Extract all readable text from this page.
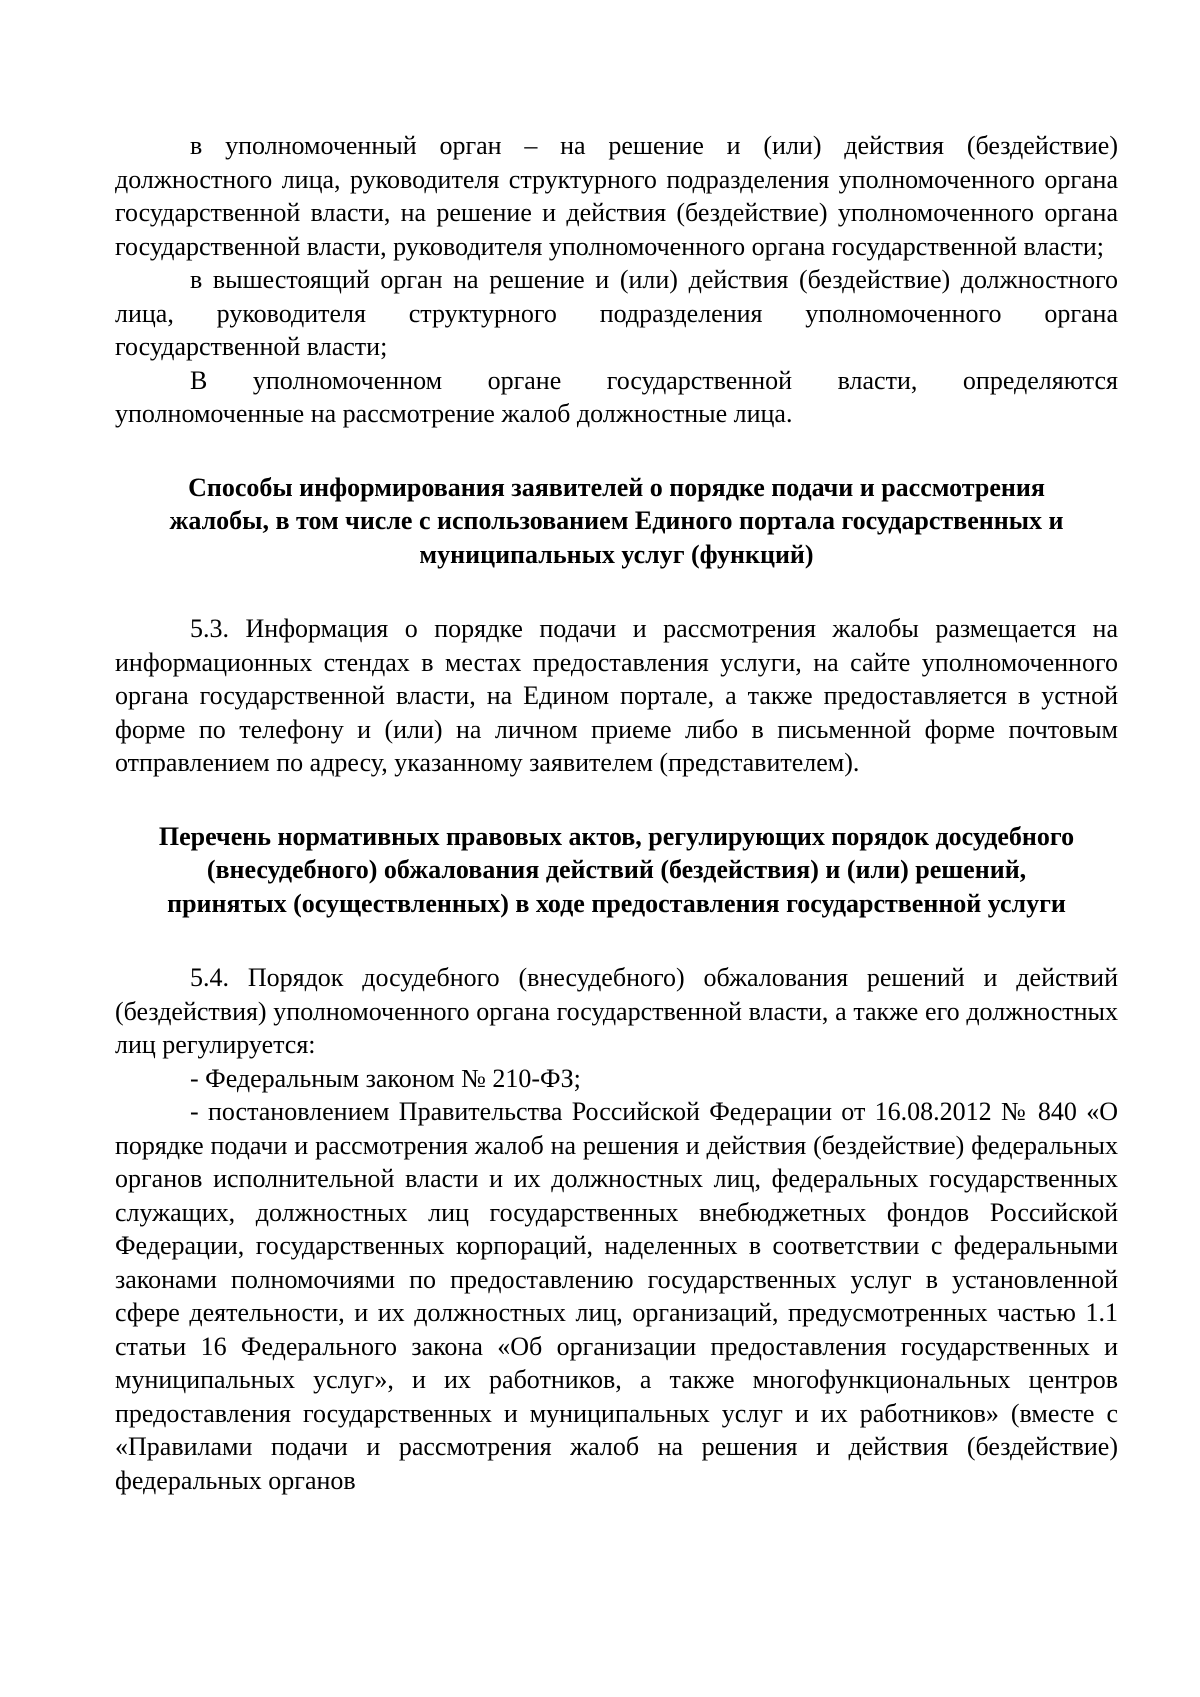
в уполномоченный орган – на решение и (или) действия (бездействие) должностного лица, руководителя структурного подразделения уполномоченного органа государственной власти, на решение и действия (бездействие) уполномоченного органа государственной власти, руководителя уполномоченного органа государственной власти;

в вышестоящий орган на решение и (или) действия (бездействие) должностного лица, руководителя структурного подразделения уполномоченного органа государственной власти;

В уполномоченном органе государственной власти, определяются уполномоченные на рассмотрение жалоб должностные лица.

Способы информирования заявителей о порядке подачи и рассмотрения жалобы, в том числе с использованием Единого портала государственных и муниципальных услуг (функций)

5.3. Информация о порядке подачи и рассмотрения жалобы размещается на информационных стендах в местах предоставления услуги, на сайте уполномоченного органа государственной власти, на Едином портале, а также предоставляется в устной форме по телефону и (или) на личном приеме либо в письменной форме почтовым отправлением по адресу, указанному заявителем (представителем).

Перечень нормативных правовых актов, регулирующих порядок досудебного (внесудебного) обжалования действий (бездействия) и (или) решений, принятых (осуществленных) в ходе предоставления государственной услуги

5.4. Порядок досудебного (внесудебного) обжалования решений и действий (бездействия) уполномоченного органа государственной власти, а также его должностных лиц регулируется:

- Федеральным законом № 210-ФЗ;

- постановлением Правительства Российской Федерации от 16.08.2012 № 840 «О порядке подачи и рассмотрения жалоб на решения и действия (бездействие) федеральных органов исполнительной власти и их должностных лиц, федеральных государственных служащих, должностных лиц государственных внебюджетных фондов Российской Федерации, государственных корпораций, наделенных в соответствии с федеральными законами полномочиями по предоставлению государственных услуг в установленной сфере деятельности, и их должностных лиц, организаций, предусмотренных частью 1.1 статьи 16 Федерального закона «Об организации предоставления государственных и муниципальных услуг», и их работников, а также многофункциональных центров предоставления государственных и муниципальных услуг и их работников» (вместе с «Правилами подачи и рассмотрения жалоб на решения и действия (бездействие) федеральных органов
